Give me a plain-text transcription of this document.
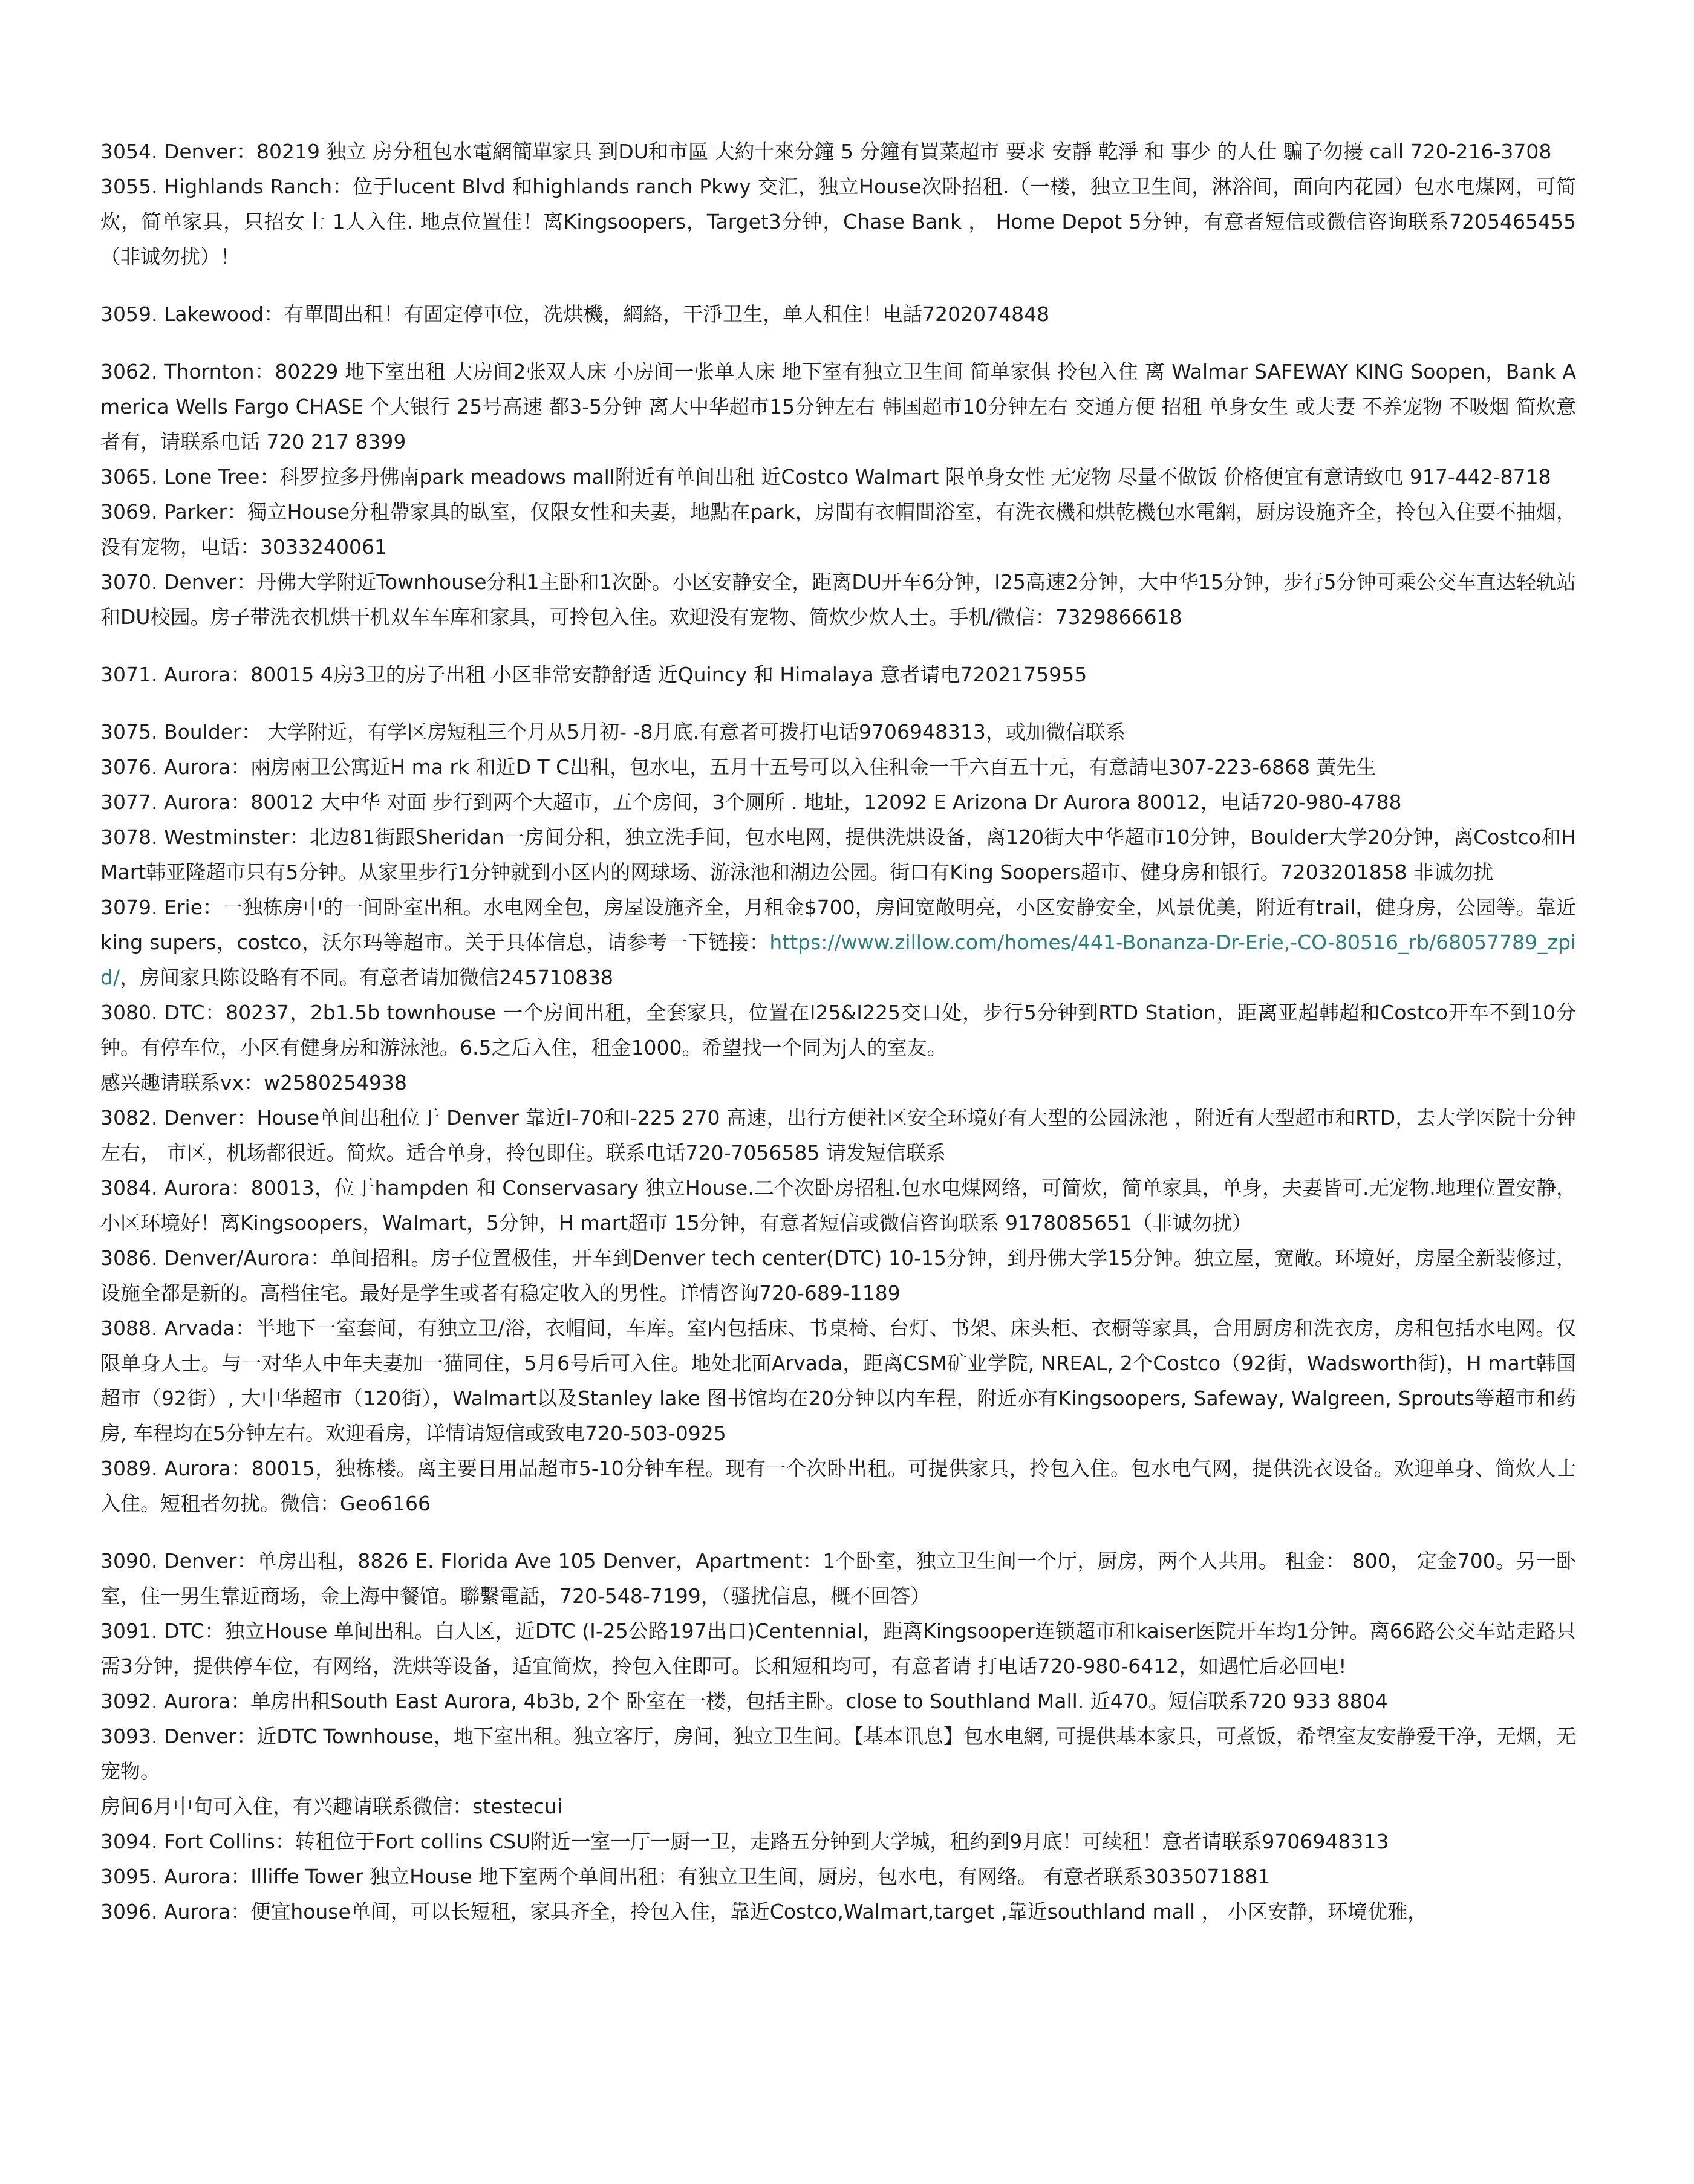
3054. Denver：80219 独立 房分租包水電網簡單家具 到DU和市區 大約十來分鐘 5 分鐘有買菜超市 要求 安靜 乾淨 和 事少 的人仕 騙子勿擾 call 720-216-3708

3055. Highlands Ranch：位于lucent Blvd 和highlands ranch Pkwy 交汇，独立House次卧招租.（一楼，独立卫生间，淋浴间，面向内花园）包水电煤网，可简炊，简单家具，只招女士 1人入住. 地点位置佳！离Kingsoopers，Target3分钟，Chase Bank ， Home Depot 5分钟，有意者短信或微信咨询联系7205465455（非诚勿扰）！

3059. Lakewood：有單間出租！有固定停車位，冼烘機，網絡，干淨卫生，单人租住！电話7202074848

3062. Thornton：80229 地下室出租 大房间2张双人床 小房间一张单人床 地下室有独立卫生间 简单家俱 拎包入住 离 Walmar SAFEWAY KING Soopen，Bank America Wells Fargo CHASE 个大银行 25号高速 都3-5分钟 离大中华超市15分钟左右 韩国超市10分钟左右 交通方便 招租 单身女生 或夫妻 不养宠物 不吸烟 简炊意者有，请联系电话 720 217 8399

3065. Lone Tree：科罗拉多丹佛南park meadows mall附近有单间出租 近Costco Walmart 限单身女性 无宠物 尽量不做饭 价格便宜有意请致电 917-442-8718

3069. Parker：獨立House分租帶家具的臥室，仅限女性和夫妻，地點在park，房間有衣帽間浴室，有洗衣機和烘乾機包水電網，厨房设施齐全，拎包入住要不抽烟，没有宠物，电话：3033240061

3070. Denver：丹佛大学附近Townhouse分租1主卧和1次卧。小区安静安全，距离DU开车6分钟，I25高速2分钟，大中华15分钟，步行5分钟可乘公交车直达轻轨站和DU校园。房子带洗衣机烘干机双车车库和家具，可拎包入住。欢迎没有宠物、简炊少炊人士。手机/微信：7329866618

3071. Aurora：80015 4房3卫的房子出租 小区非常安静舒适 近Quincy 和 Himalaya 意者请电7202175955

3075. Boulder： 大学附近，有学区房短租三个月从5月初- -8月底.有意者可拨打电话9706948313，或加微信联系

3076. Aurora：兩房兩卫公寓近H ma rk 和近D T C出租，包水电，五月十五号可以入住租金一千六百五十元，有意請电307-223-6868 黃先生

3077. Aurora：80012 大中华 对面 步行到两个大超市，五个房间，3个厕所 . 地址，12092 E Arizona Dr Aurora 80012，电话720-980-4788

3078. Westminster：北边81街跟Sheridan一房间分租，独立洗手间，包水电网，提供洗烘设备，离120街大中华超市10分钟，Boulder大学20分钟，离Costco和H Mart韩亚隆超市只有5分钟。从家里步行1分钟就到小区内的网球场、游泳池和湖边公园。街口有King Soopers超市、健身房和银行。7203201858 非诚勿扰

3079. Erie：一独栋房中的一间卧室出租。水电网全包，房屋设施齐全，月租金$700，房间宽敞明亮，小区安静安全，风景优美，附近有trail，健身房，公园等。靠近king supers，costco，沃尔玛等超市。关于具体信息，请参考一下链接：https://www.zillow.com/homes/441-Bonanza-Dr-Erie,-CO-80516_rb/68057789_zpid/，房间家具陈设略有不同。有意者请加微信245710838

3080. DTC：80237，2b1.5b townhouse 一个房间出租，全套家具，位置在I25&I225交口处，步行5分钟到RTD Station，距离亚超韩超和Costco开车不到10分钟。有停车位，小区有健身房和游泳池。6.5之后入住，租金1000。希望找一个同为j人的室友。

感兴趣请联系vx：w2580254938

3082. Denver：House单间出租位于 Denver 靠近I-70和I-225 270 高速，出行方便社区安全环境好有大型的公园泳池 ，附近有大型超市和RTD，去大学医院十分钟左右， 市区，机场都很近。简炊。适合单身，拎包即住。联系电话720-7056585 请发短信联系

3084. Aurora：80013，位于hampden 和 Conservasary 独立House.二个次卧房招租.包水电煤网络，可简炊，简单家具，单身，夫妻皆可.无宠物.地理位置安静，小区环境好！离Kingsoopers，Walmart，5分钟，H mart超市 15分钟，有意者短信或微信咨询联系 9178085651（非诚勿扰）

3086. Denver/Aurora：单间招租。房子位置极佳，开车到Denver tech center(DTC) 10-15分钟，到丹佛大学15分钟。独立屋，宽敞。环境好，房屋全新装修过，设施全都是新的。高档住宅。最好是学生或者有稳定收入的男性。详情咨询720-689-1189

3088. Arvada：半地下一室套间，有独立卫/浴，衣帽间，车库。室内包括床、书桌椅、台灯、书架、床头柜、衣橱等家具，合用厨房和洗衣房，房租包括水电网。仅限单身人士。与一对华人中年夫妻加一猫同住，5月6号后可入住。地处北面Arvada，距离CSM矿业学院, NREAL, 2个Costco（92街，Wadsworth街)，H mart韩国超市（92街）, 大中华超市（120街），Walmart以及Stanley lake 图书馆均在20分钟以内车程，附近亦有Kingsoopers, Safeway, Walgreen, Sprouts等超市和药房, 车程均在5分钟左右。欢迎看房，详情请短信或致电720-503-0925

3089. Aurora：80015，独栋楼。离主要日用品超市5-10分钟车程。现有一个次卧出租。可提供家具，拎包入住。包水电气网，提供洗衣设备。欢迎单身、简炊人士入住。短租者勿扰。微信：Geo6166

3090. Denver：单房出租，8826 E. Florida Ave 105 Denver，Apartment：1个卧室，独立卫生间一个厅，厨房，两个人共用。 租金： 800， 定金700。另一卧室，住一男生靠近商场，金上海中餐馆。聯繫電話，720-548-7199，（骚扰信息，概不回答）

3091. DTC：独立House 单间出租。白人区，近DTC (I-25公路197出口)Centennial，距离Kingsooper连锁超市和kaiser医院开车均1分钟。离66路公交车站走路只需3分钟，提供停车位，有网络，洗烘等设备，适宜简炊，拎包入住即可。长租短租均可，有意者请 打电话720-980-6412，如遇忙后必回电!

3092. Aurora：单房出租South East Aurora, 4b3b, 2个 卧室在一楼，包括主卧。close to Southland Mall. 近470。短信联系720 933 8804

3093. Denver：近DTC Townhouse，地下室出租。独立客厅，房间，独立卫生间。【基本讯息】包水电網, 可提供基本家具，可煮饭，希望室友安静爱干净，无烟，无宠物。

房间6月中旬可入住，有兴趣请联系微信：stestecui

3094. Fort Collins：转租位于Fort collins CSU附近一室一厅一厨一卫，走路五分钟到大学城，租约到9月底！可续租！意者请联系9706948313

3095. Aurora：Illiffe Tower 独立House 地下室两个单间出租：有独立卫生间，厨房，包水电，有网络。 有意者联系3035071881

3096. Aurora：便宜house单间，可以长短租，家具齐全，拎包入住，靠近Costco,Walmart,target ,靠近southland mall ， 小区安静，环境优雅，
